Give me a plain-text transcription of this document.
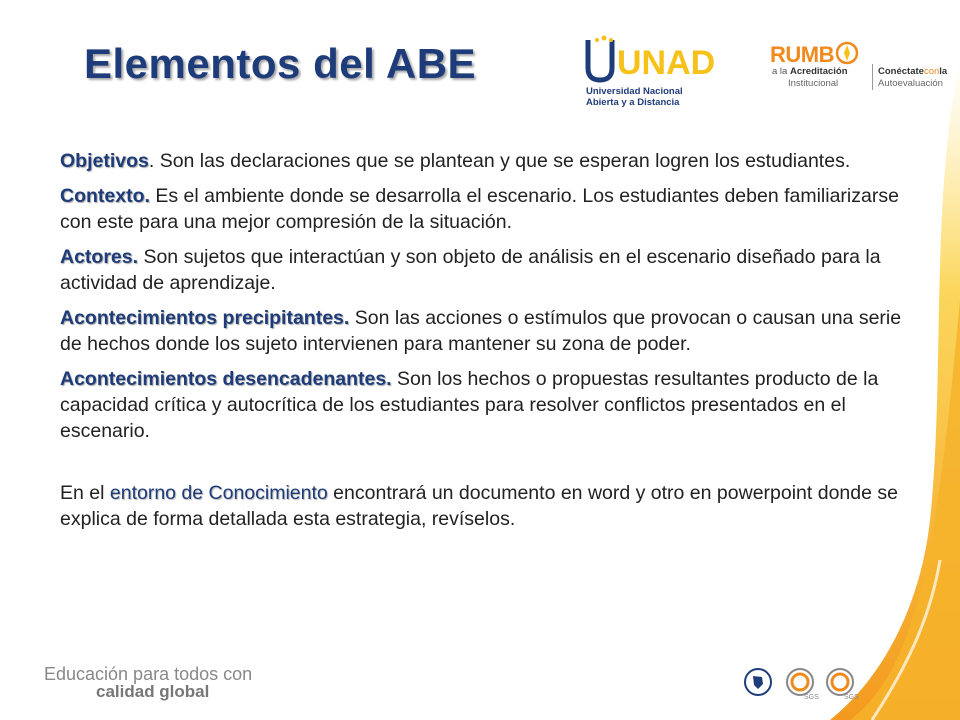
Elementos del ABE	UNAD
Universidad Nacional
Abierta y a Distancia
RUMB
a la Acreditación
Institucional
Conéctateconla
Autoevaluación

Objetivos. Son las declaraciones que se plantean y que se esperan logren los estudiantes.

Contexto. Es el ambiente donde se desarrolla el escenario. Los estudiantes deben familiarizarse con este para una mejor compresión de la situación.

Actores. Son sujetos que interactúan y son objeto de análisis en el escenario diseñado para la actividad de aprendizaje.

Acontecimientos precipitantes. Son las acciones o estímulos que provocan o causan una serie de hechos donde los sujeto intervienen para mantener su zona de poder.

Acontecimientos desencadenantes. Son los hechos o propuestas resultantes producto de la capacidad crítica y autocrítica de los estudiantes para resolver conflictos presentados en el escenario.

En el entorno de Conocimiento encontrará un documento en word y otro en powerpoint donde se explica de forma detallada esta estrategia, revíselos.

Educación para todos con
calidad global	SGS	SGS
